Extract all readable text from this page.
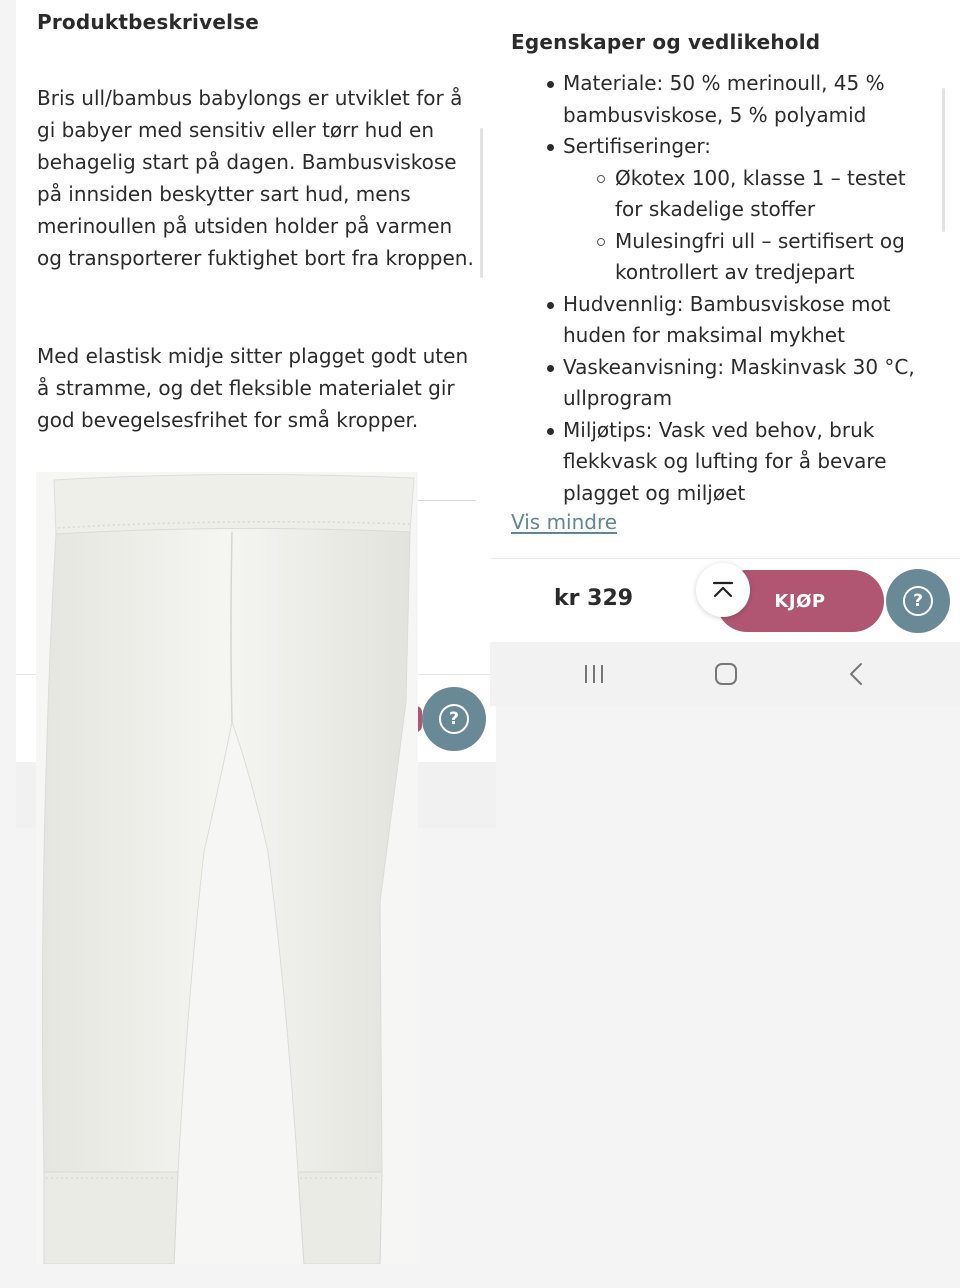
Produktbeskrivelse

Bris ull/bambus babylongs er utviklet for å gi babyer med sensitiv eller tørr hud en behagelig start på dagen. Bambusviskose på innsiden beskytter sart hud, mens merinoullen på utsiden holder på varmen og transporterer fuktighet bort fra kroppen.

Med elastisk midje sitter plagget godt uten å stramme, og det fleksible materialet gir god bevegelsesfrihet for små kropper.

?
Egenskaper og vedlikehold
Materiale: 50 % merinoull, 45 % bambusviskose, 5 % polyamid
Sertifiseringer:
Økotex 100, klasse 1 – testet for skadelige stoffer
Mulesingfri ull – sertifisert og kontrollert av tredjepart
Hudvennlig: Bambusviskose mot huden for maksimal mykhet
Vaskeanvisning: Maskinvask 30 °C, ullprogram
Miljøtips: Vask ved behov, bruk flekkvask og lufting for å bevare plagget og miljøet
Vis mindre
kr 329	KJØP	?
